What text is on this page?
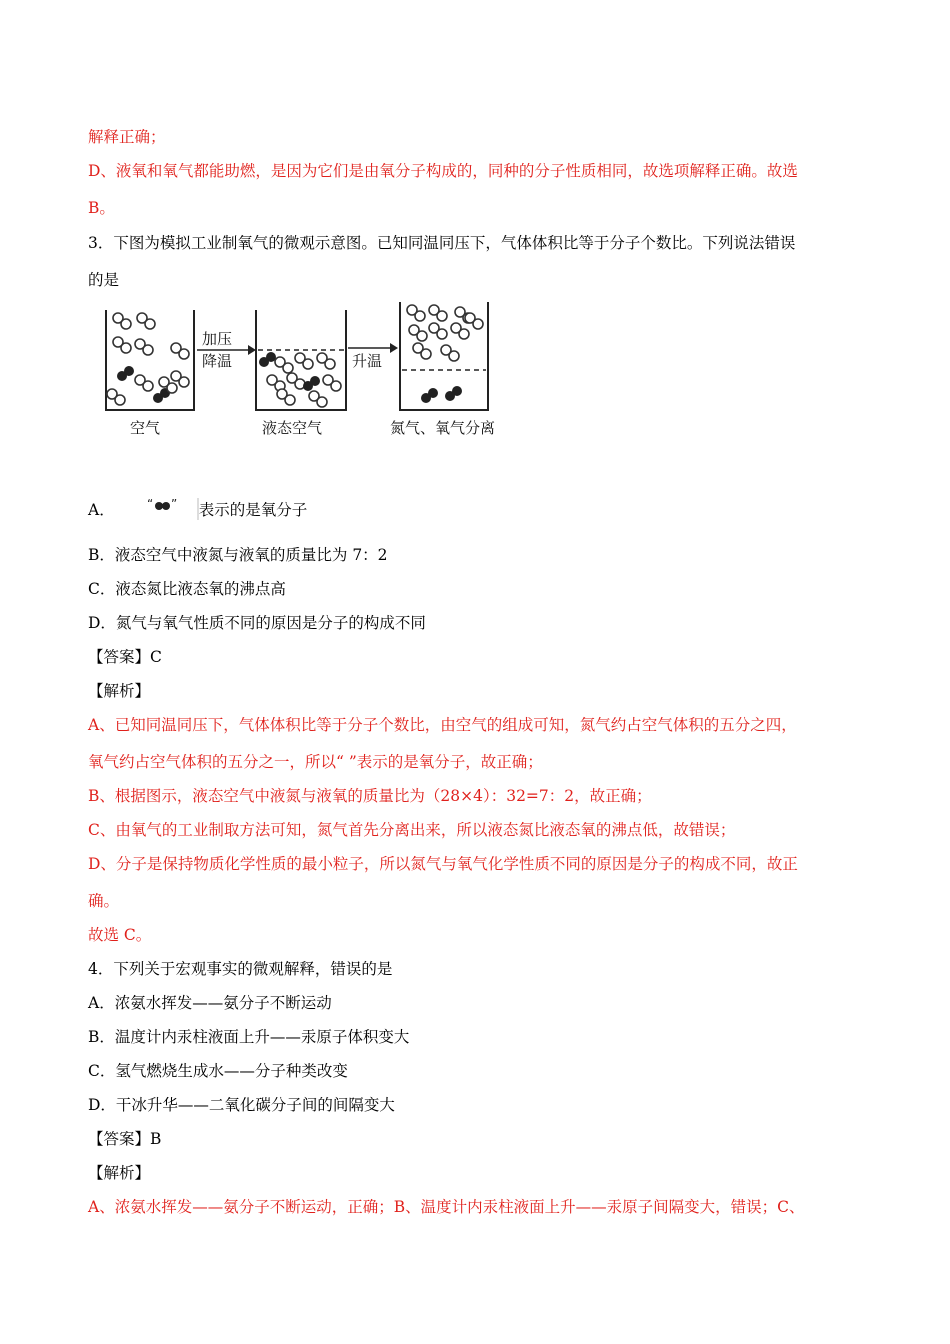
解释正确；
D、液氧和氧气都能助燃，是因为它们是由氧分子构成的，同种的分子性质相同，故选项解释正确。故选
B。
3．下图为模拟工业制氧气的微观示意图。已知同温同压下，气体体积比等于分子个数比。下列说法错误
的是
空气
加压
降温
液态空气
升温
氮气、氧气分离
A．	“ ” 表示的是氧分子
B．液态空气中液氮与液氧的质量比为 7：2
C．液态氮比液态氧的沸点高
D．氮气与氧气性质不同的原因是分子的构成不同
【答案】C
【解析】
A、已知同温同压下，气体体积比等于分子个数比，由空气的组成可知，氮气约占空气体积的五分之四，
氧气约占空气体积的五分之一，所以“ ”表示的是氧分子，故正确；
B、根据图示，液态空气中液氮与液氧的质量比为（28×4）：32=7：2，故正确；
C、由氧气的工业制取方法可知，氮气首先分离出来，所以液态氮比液态氧的沸点低，故错误；
D、分子是保持物质化学性质的最小粒子，所以氮气与氧气化学性质不同的原因是分子的构成不同，故正
确。
故选 C。
4．下列关于宏观事实的微观解释，错误的是
A．浓氨水挥发——氨分子不断运动
B．温度计内汞柱液面上升——汞原子体积变大
C．氢气燃烧生成水——分子种类改变
D．干冰升华——二氧化碳分子间的间隔变大
【答案】B
【解析】
A、浓氨水挥发——氨分子不断运动，正确；B、温度计内汞柱液面上升——汞原子间隔变大，错误；C、
